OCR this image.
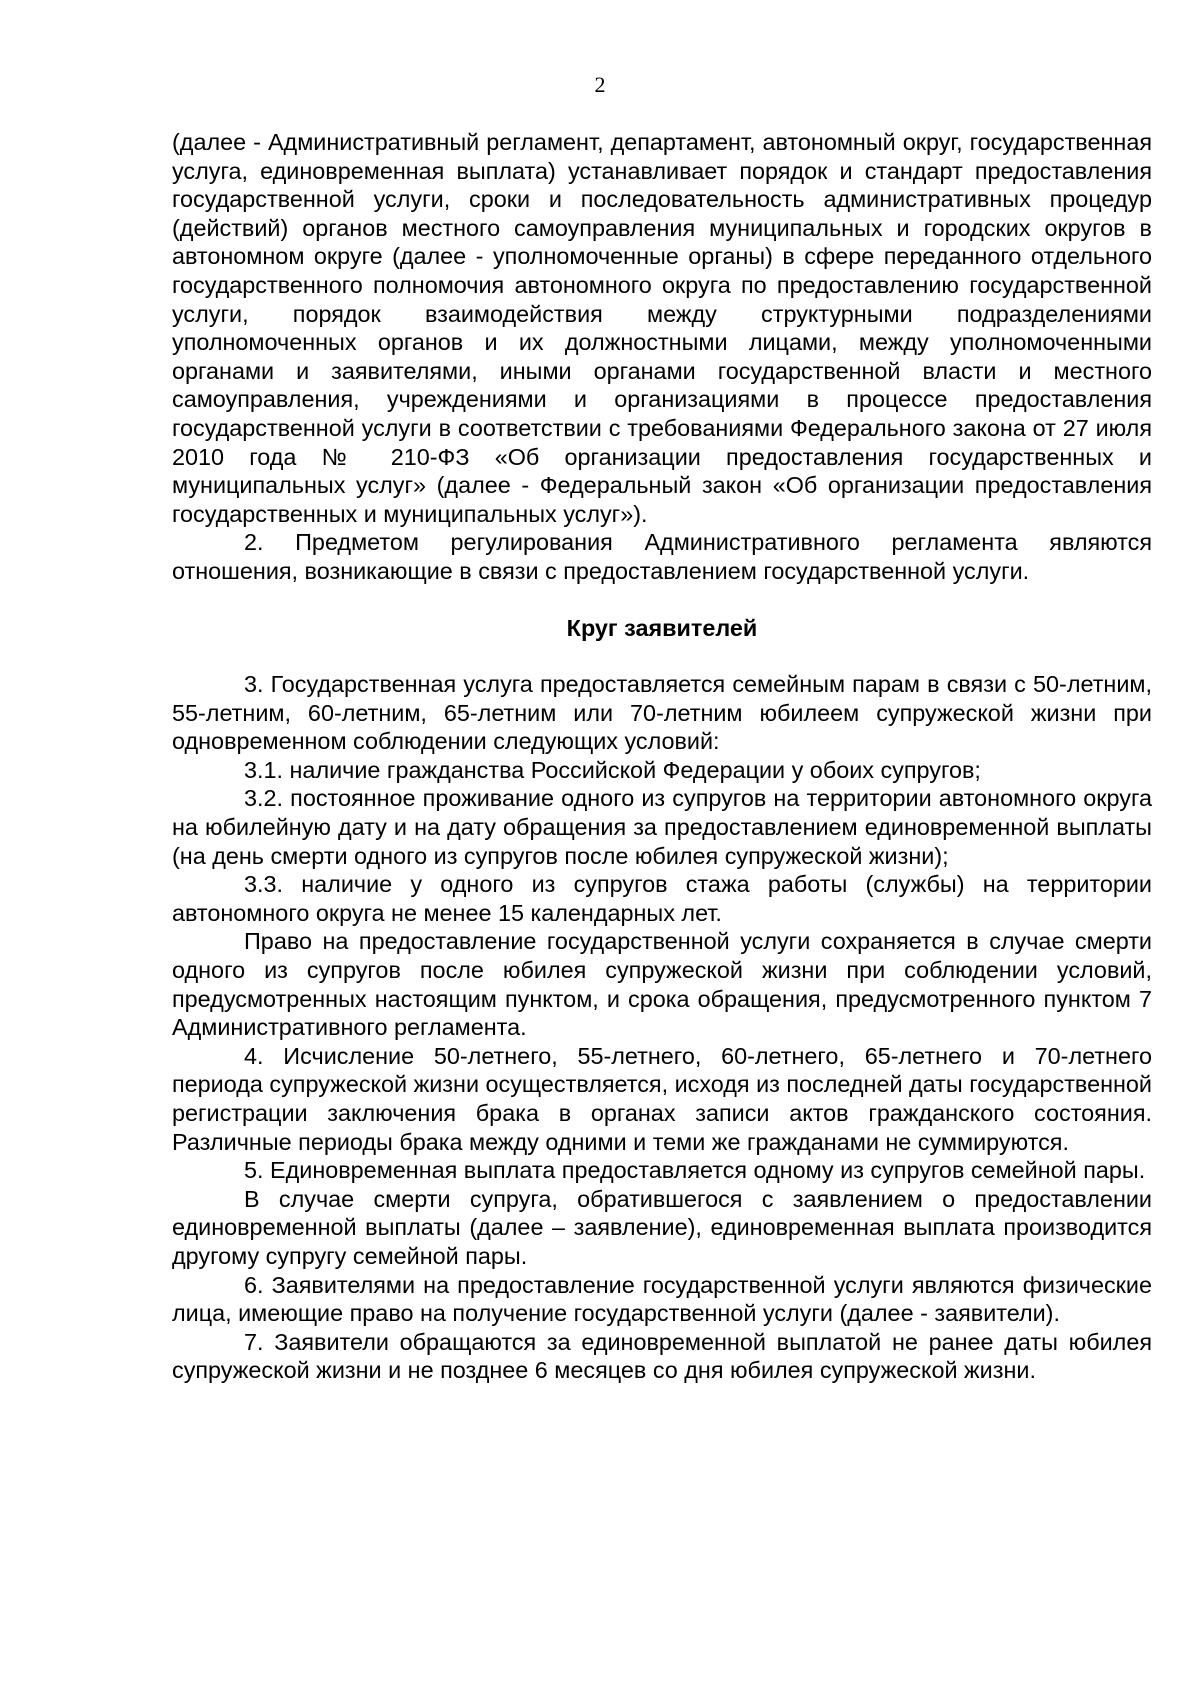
2

(далее - Административный регламент, департамент, автономный округ, государственная услуга, единовременная выплата) устанавливает порядок и стандарт предоставления государственной услуги, сроки и последовательность административных процедур (действий) органов местного самоуправления муниципальных и городских округов в автономном округе (далее - уполномоченные органы) в сфере переданного отдельного государственного полномочия автономного округа по предоставлению государственной услуги, порядок взаимодействия между структурными подразделениями уполномоченных органов и их должностными лицами, между уполномоченными органами и заявителями, иными органами государственной власти и местного самоуправления, учреждениями и организациями в процессе предоставления государственной услуги в соответствии с требованиями Федерального закона от 27 июля 2010 года № 210-ФЗ «Об организации предоставления государственных и муниципальных услуг» (далее - Федеральный закон «Об организации предоставления государственных и муниципальных услуг»).

2. Предметом регулирования Административного регламента являются отношения, возникающие в связи с предоставлением государственной услуги.

Круг заявителей

3. Государственная услуга предоставляется семейным парам в связи с 50-летним, 55-летним, 60-летним, 65-летним или 70-летним юбилеем супружеской жизни при одновременном соблюдении следующих условий:

3.1. наличие гражданства Российской Федерации у обоих супругов;

3.2. постоянное проживание одного из супругов на территории автономного округа на юбилейную дату и на дату обращения за предоставлением единовременной выплаты (на день смерти одного из супругов после юбилея супружеской жизни);

3.3. наличие у одного из супругов стажа работы (службы) на территории автономного округа не менее 15 календарных лет.

Право на предоставление государственной услуги сохраняется в случае смерти одного из супругов после юбилея супружеской жизни при соблюдении условий, предусмотренных настоящим пунктом, и срока обращения, предусмотренного пунктом 7 Административного регламента.

4. Исчисление 50-летнего, 55-летнего, 60-летнего, 65-летнего и 70-летнего периода супружеской жизни осуществляется, исходя из последней даты государственной регистрации заключения брака в органах записи актов гражданского состояния. Различные периоды брака между одними и теми же гражданами не суммируются.

5. Единовременная выплата предоставляется одному из супругов семейной пары.

В случае смерти супруга, обратившегося с заявлением о предоставлении единовременной выплаты (далее – заявление), единовременная выплата производится другому супругу семейной пары.

6. Заявителями на предоставление государственной услуги являются физические лица, имеющие право на получение государственной услуги (далее - заявители).

7. Заявители обращаются за единовременной выплатой не ранее даты юбилея супружеской жизни и не позднее 6 месяцев со дня юбилея супружеской жизни.
